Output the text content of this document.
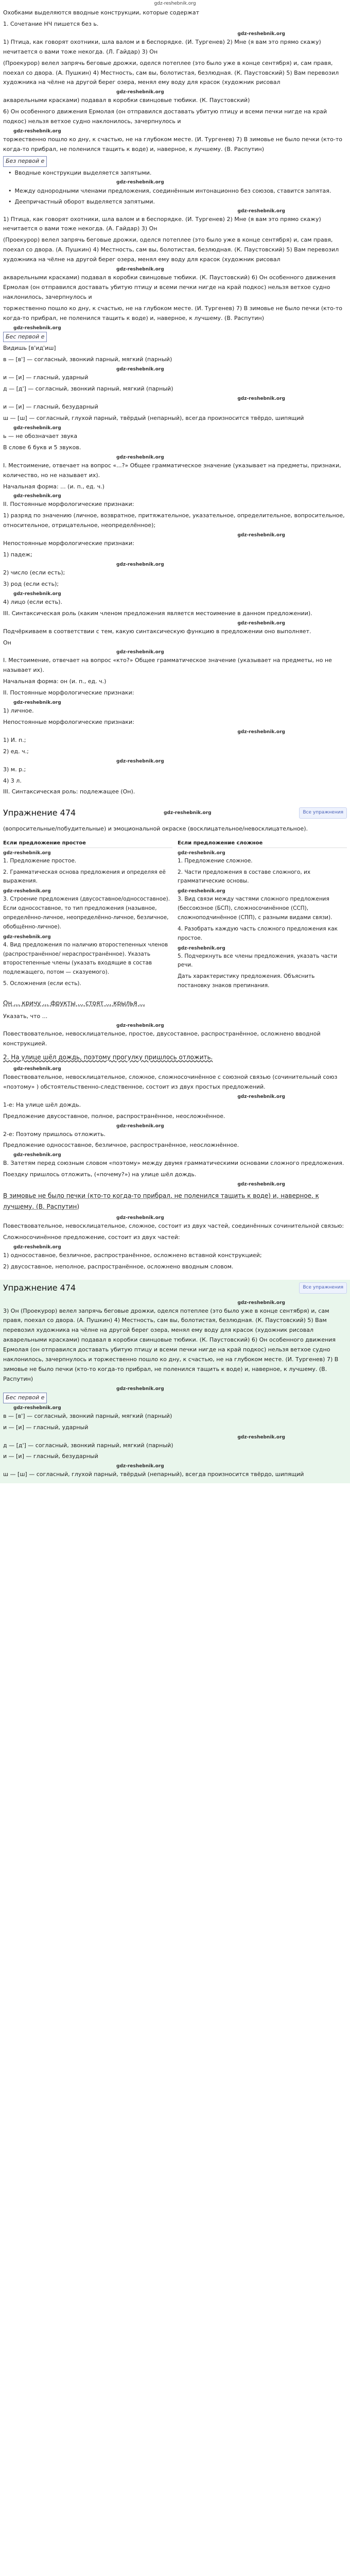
gdz-reshebnik.org

Охобками выделяются вводные конструкции, которые содержат

1. Сочетание НЧ пишется без ь.

gdz-reshebnik.org

1) Птица, как говорят охотники, шла валом и в беспорядке. (И. Тургенев) 2) Мне (я вам это прямо скажу) нечитается о вами тоже некогда. (Л. Гайдар) 3) Он

(Проекурор) велел запрячь беговые дрожки, оделся потеплее (это было уже в конце сентября) и, сам правя, поехал со двора. (А. Пушкин) 4) Местность, сам вы, болотистая, безлюдная. (К. Паустовский) 5) Вам перевозил художника на чёлне на другой берег озера, менял ему воду для красок (художник рисовал

gdz-reshebnik.org

акварельными красками) подавал в коробки свинцовые тюбики. (К. Паустовский)

6) Он особенного движения Ермолая (он отправился доставать убитую птицу и всеми печки нигде на край подкос) нельзя ветхое судно наклонилось, зачерпнулось и

gdz-reshebnik.org

торжественно пошло ко дну, к счастью, не на глубоком месте. (И. Тургенев) 7) В зимовье не было печки (кто-то когда-то прибрал, не поленился тащить к воде) и, наверное, к лучшему. (В. Распутин)

Без первой е

• Вводные конструкции выделяется запятыми.
gdz-reshebnik.org
• Между однородными членами предложения, соединённым интонационно без союзов, ставится запятая.
• Деепричастный оборот выделяется запятыми.
gdz-reshebnik.org

1) Птица, как говорят охотники, шла валом и в беспорядке. (И. Тургенев) 2) Мне (я вам это прямо скажу) нечитается о вами тоже некогда. (А. Гайдар) 3) Он

(Проекурор) велел запрячь беговые дрожки, оделся потеплее (это было уже в конце сентября) и, сам правя, поехал со двора. (А. Пушкин) 4) Местность, сам вы, болотистая, безлюдная. (К. Паустовский) 5) Вам перевозил художника на чёлне на другой берег озера, менял ему воду для красок (художник рисовал

gdz-reshebnik.org

акварельными красками) подавал в коробки свинцовые тюбики. (К. Паустовский) 6) Он особенного движения Ермолая (он отправился доставать убитую птицу и всеми печки нигде на край подкос) нельзя ветхое судно наклонилось, зачерпнулось и

торжественно пошло ко дну, к счастью, не на глубоком месте. (И. Тургенев) 7) В зимовье не было печки (кто-то когда-то прибрал, не поленился тащить к воде) и, наверное, к лучшему. (В. Распутин)

gdz-reshebnik.org

Бес первой е

Видишь [в'ид'иш]

в — [в'] — согласный, звонкий парный, мягкий (парный)

gdz-reshebnik.org

и — [и] — гласный, ударный

д — [д'] — согласный, звонкий парный, мягкий (парный)

gdz-reshebnik.org

и — [и] — гласный, безударный

ш — [ш] — согласный, глухой парный, твёрдый (непарный), всегда произносится твёрдо, шипящий

gdz-reshebnik.org

ь — не обозначает звука

В слове 6 букв и 5 звуков.

gdz-reshebnik.org

I. Местоимение, отвечает на вопрос «...?» Общее грамматическое значение (указывает на предметы, признаки, количество, но не называет их).

Начальная форма: ... (и. п., ед. ч.)

gdz-reshebnik.org

II. Постоянные морфологические признаки:

1) разряд по значению (личное, возвратное, притяжательное, указательное, определительное, вопросительное, относительное, отрицательное, неопределённое);

gdz-reshebnik.org

Непостоянные морфологические признаки:

1) падеж;

gdz-reshebnik.org

2) число (если есть);

3) род (если есть);

gdz-reshebnik.org

4) лицо (если есть).

III. Синтаксическая роль (каким членом предложения является местоимение в данном предложении).

gdz-reshebnik.org

Подчёркиваем в соответствии с тем, какую синтаксическую функцию в предложении оно выполняет.

Он

gdz-reshebnik.org

I. Местоимение, отвечает на вопрос «кто?» Общее грамматическое значение (указывает на предметы, но не называет их).

Начальная форма: он (и. п., ед. ч.)

II. Постоянные морфологические признаки:

gdz-reshebnik.org

1) личное.

Непостоянные морфологические признаки:

gdz-reshebnik.org

1) И. п.;

2) ед. ч.;

gdz-reshebnik.org

3) м. р.;

4) 3 л.

III. Синтаксическая роль: подлежащее (Он).

Упражнение 474	gdz-reshebnik.org	Все упражнения

(вопросительные/побудительные) и эмоциональной окраске (восклицательное/невосклицательное).

Если предложение простое
gdz-reshebnik.org

1. Предложение простое.

2. Грамматическая основа предложения и определяя её выражения.

gdz-reshebnik.org

3. Строение предложения (двусоставное/односоставное). Если односоставное, то тип предложения (назывное, определённо-личное, неопределённо-личное, безличное, обобщённо-личное).

gdz-reshebnik.org

4. Вид предложения по наличию второстепенных членов (распространённое/ нераспространённое). Указать второстепенные члены (указать входящие в состав подлежащего, потом — сказуемого).

5. Осложнения (если есть).

Если предложение сложное
gdz-reshebnik.org

1. Предложение сложное.

2. Части предложения в составе сложного, их грамматические основы.

gdz-reshebnik.org

3. Вид связи между частями сложного предложения (бессоюзное (БСП), сложносочинённое (ССП), сложноподчинённое (СПП), с разными видами связи).

4. Разобрать каждую часть сложного предложения как простое.

gdz-reshebnik.org

5. Подчеркнуть все члены предложения, указать части речи.

Дать характеристику предложения. Объяснить постановку знаков препинания.

Он ... кричу ... фрукты ... стоят ... крылья ...

Указать, что ...

gdz-reshebnik.org

Повествовательное, невосклицательное, простое, двусоставное, распространённое, осложнено вводной конструкцией.

2. На улице шёл дождь, поэтому прогулку пришлось отложить.
gdz-reshebnik.org

Повествовательное, невосклицательное, сложное, сложносочинённое с союзной связью (сочинительный союз «поэтому» ) обстоятельственно-следственное, состоит из двух простых предложений.

gdz-reshebnik.org

1-е: На улице шёл дождь.

Предложение двусоставное, полное, распространённое, неосложнённое.

gdz-reshebnik.org

2-е: Поэтому пришлось отложить.

Предложение односоставное, безличное, распространённое, неосложнённое.

gdz-reshebnik.org

В. Затетям перед союзным словом «поэтому» между двумя грамматическими основами сложного предложения.

Поездку пришлось отложить, («почему?») на улице шёл дождь.

gdz-reshebnik.org
В зимовье не было печки (кто-то когда-то прибрал, не поленился тащить к воде) и, наверное, к лучшему. (В. Распутин)
gdz-reshebnik.org

Повествовательное, невосклицательное, сложное, состоит из двух частей, соединённых сочинительной связью:

Сложносочинённое предложение, состоит из двух частей:

gdz-reshebnik.org

1) односоставное, безличное, распространённое, осложнено вставной конструкцией;

2) двусоставное, неполное, распространённое, осложнено вводным словом.

Упражнение 474	Все упражнения
gdz-reshebnik.org

3) Он (Проекурор) велел запрячь беговые дрожки, оделся потеплее (это было уже в конце сентября) и, сам правя, поехал со двора. (А. Пушкин) 4) Местность, сам вы, болотистая, безлюдная. (К. Паустовский) 5) Вам перевозил художника на чёлне на другой берег озера, менял ему воду для красок (художник рисовал акварельными красками) подавал в коробки свинцовые тюбики. (К. Паустовский) 6) Он особенного движения Ермолая (он отправился доставать убитую птицу и всеми печки нигде на край подкос) нельзя ветхое судно наклонилось, зачерпнулось и торжественно пошло ко дну, к счастью, не на глубоком месте. (И. Тургенев) 7) В зимовье не было печки (кто-то когда-то прибрал, не поленился тащить к воде) и, наверное, к лучшему. (В. Распутин)

gdz-reshebnik.org

Бес первой е

gdz-reshebnik.org

в — [в'] — согласный, звонкий парный, мягкий (парный)

и — [и] — гласный, ударный

gdz-reshebnik.org

д — [д'] — согласный, звонкий парный, мягкий (парный)

и — [и] — гласный, безударный

gdz-reshebnik.org

ш — [ш] — согласный, глухой парный, твёрдый (непарный), всегда произносится твёрдо, шипящий
